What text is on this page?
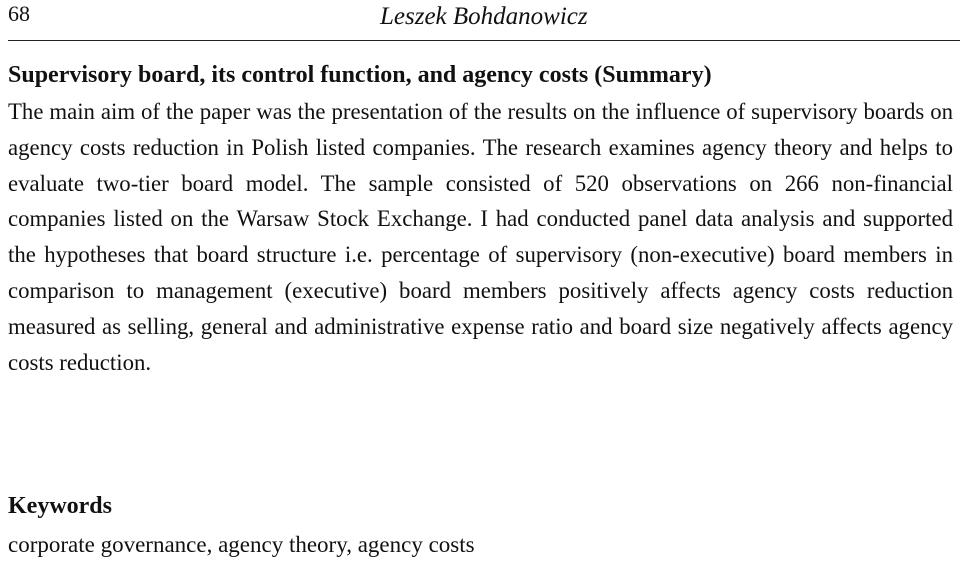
68	Leszek Bohdanowicz
Supervisory board, its control function, and agency costs (Summary)

The main aim of the paper was the presentation of the results on the influence of supervisory boards on agency costs reduction in Polish listed companies. The research examines agency theory and helps to evaluate two-tier board model. The sample consisted of 520 observations on 266 non-financial companies listed on the Warsaw Stock Exchange. I had conducted panel data analysis and supported the hypotheses that board structure i.e. percentage of supervisory (non-executive) board members in comparison to management (executive) board members positively affects agency costs reduction measured as selling, general and administrative expense ratio and board size negatively affects agency costs reduction.

Keywords

corporate governance, agency theory, agency costs
